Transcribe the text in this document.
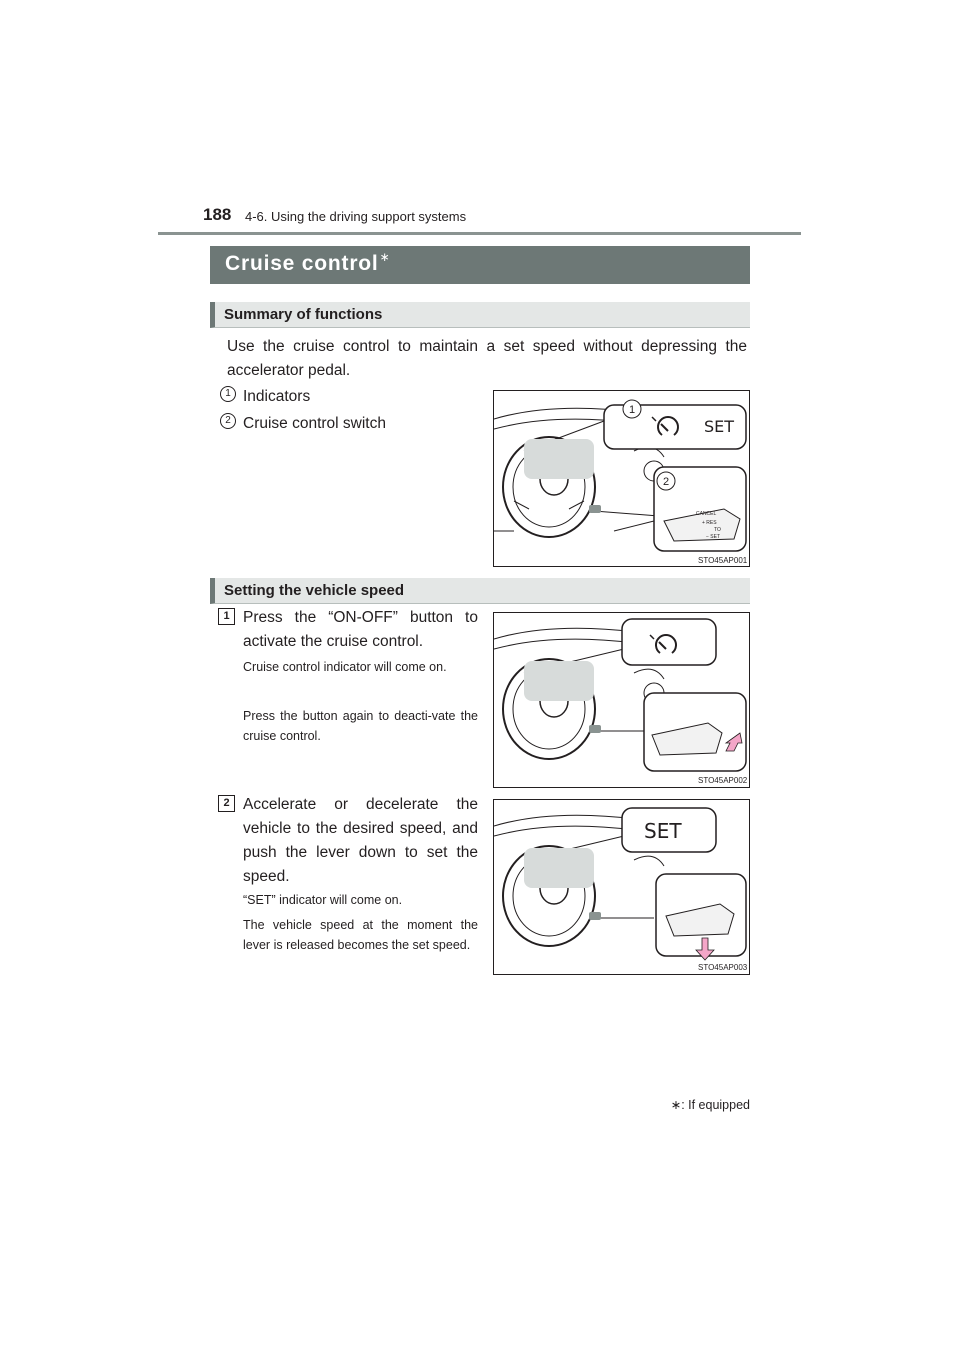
188 4-6. Using the driving support systems
Cruise control∗
Summary of functions
Use the cruise control to maintain a set speed without depressing the accelerator pedal.
1 Indicators
2 Cruise control switch	SET
1
2
CANCEL
+ RES
TO
− SET
STO45AP001
Setting the vehicle speed
1 Press the “ON-OFF” button to activate the cruise control.
Cruise control indicator will come on.
Press the button again to deacti-vate the cruise control.
STO45AP002
2 Accelerate or decelerate the vehicle to the desired speed, and push the lever down to set the speed.
“SET” indicator will come on.
The vehicle speed at the moment the lever is released becomes the set speed.
SET
STO45AP003
∗: If equipped
